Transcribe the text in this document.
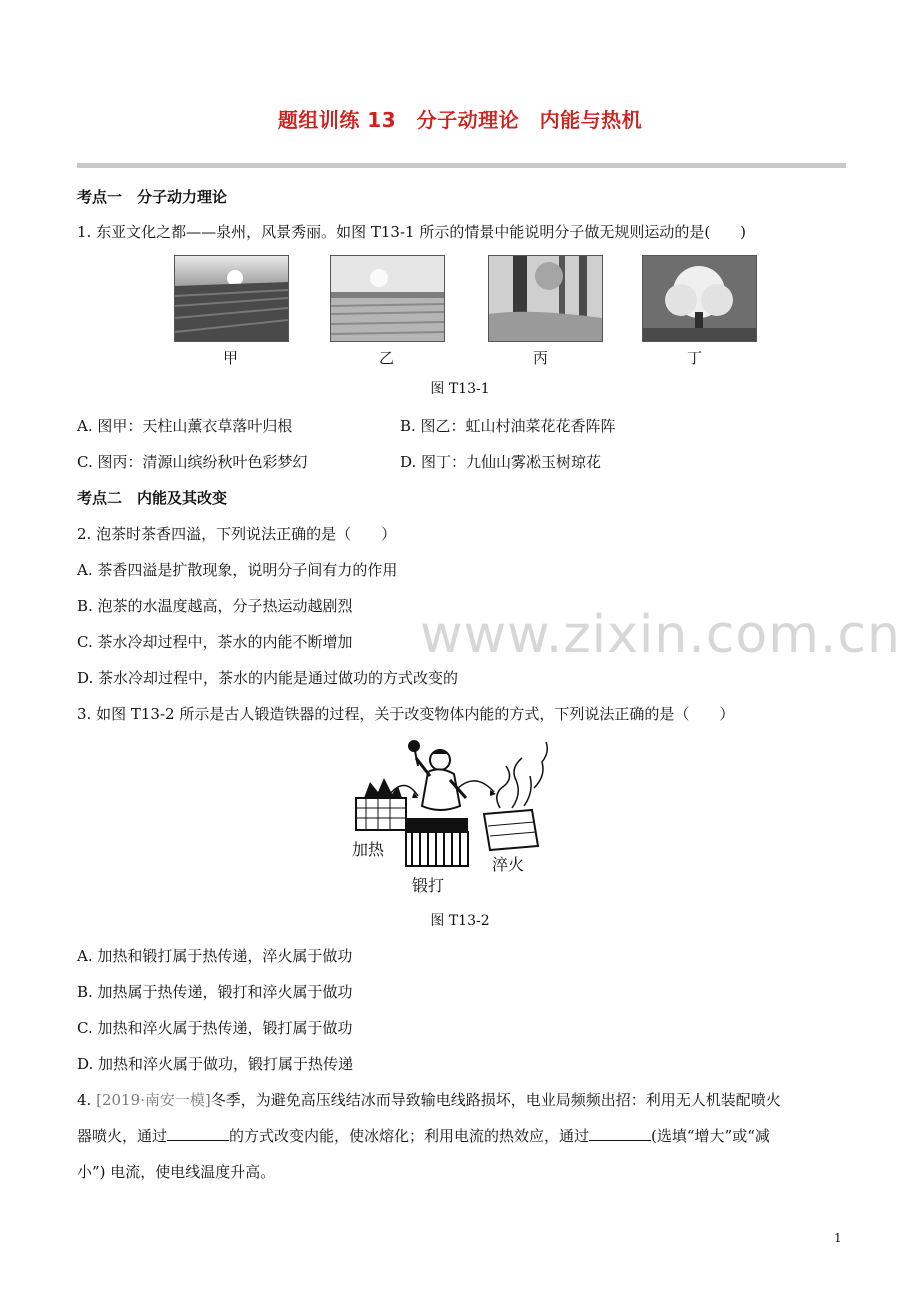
题组训练 13　分子动理论　内能与热机
考点一　分子动力理论
1. 东亚文化之都——泉州，风景秀丽。如图 T13-1 所示的情景中能说明分子做无规则运动的是(　　)
甲	乙	丙	丁
图 T13-1
A. 图甲：天柱山薰衣草落叶归根	B. 图乙：虹山村油菜花花香阵阵
C. 图丙：清源山缤纷秋叶色彩梦幻	D. 图丁：九仙山雾凇玉树琼花
考点二　内能及其改变
2. 泡茶时茶香四溢，下列说法正确的是（　　）
A. 茶香四溢是扩散现象，说明分子间有力的作用
B. 泡茶的水温度越高，分子热运动越剧烈
C. 茶水冷却过程中，茶水的内能不断增加
D. 茶水冷却过程中，茶水的内能是通过做功的方式改变的
www.zixin.com.cn
3. 如图 T13-2 所示是古人锻造铁器的过程，关于改变物体内能的方式，下列说法正确的是（　　）
加热
锻打
淬火
图 T13-2
A. 加热和锻打属于热传递，淬火属于做功
B. 加热属于热传递，锻打和淬火属于做功
C. 加热和淬火属于热传递，锻打属于做功
D. 加热和淬火属于做功，锻打属于热传递
4. [2019·南安一模]冬季，为避免高压线结冰而导致输电线路损坏，电业局频频出招：利用无人机装配喷火
器喷火，通过	的方式改变内能，使冰熔化；利用电流的热效应，通过	(选填“增大”或“减
小”) 电流，使电线温度升高。
1
